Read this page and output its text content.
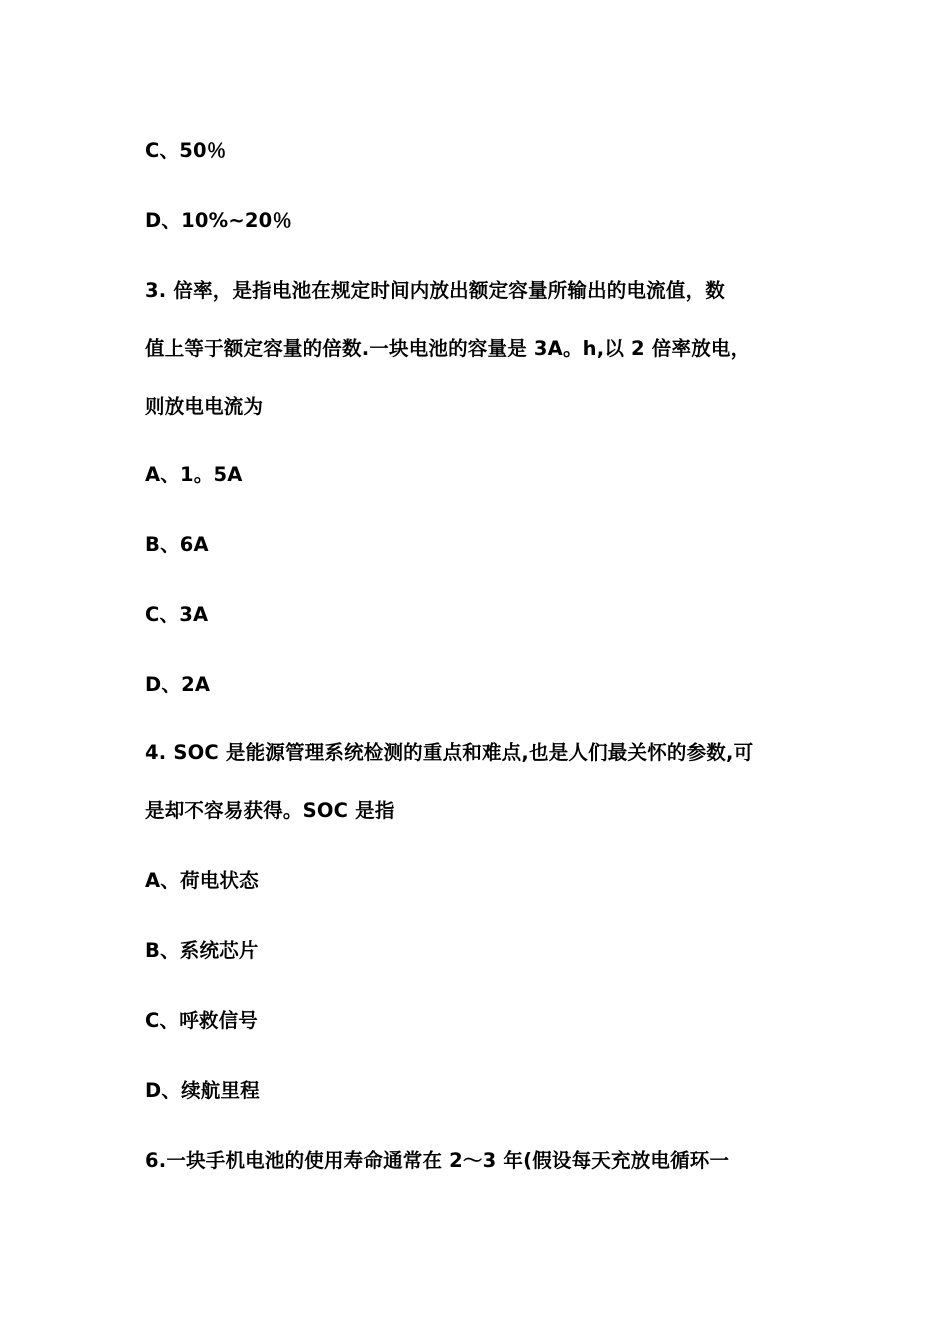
C、50％
D、10%~20％
3. 倍率，是指电池在规定时间内放出额定容量所输出的电流值，数
值上等于额定容量的倍数.一块电池的容量是 3A。h,以 2 倍率放电，
则放电电流为
A、1。5A
B、6A
C、3A
D、2A
4. SOC 是能源管理系统检测的重点和难点,也是人们最关怀的参数,可
是却不容易获得。SOC 是指
A、荷电状态
B、系统芯片
C、呼救信号
D、续航里程
6.一块手机电池的使用寿命通常在 2～3 年(假设每天充放电循环一
